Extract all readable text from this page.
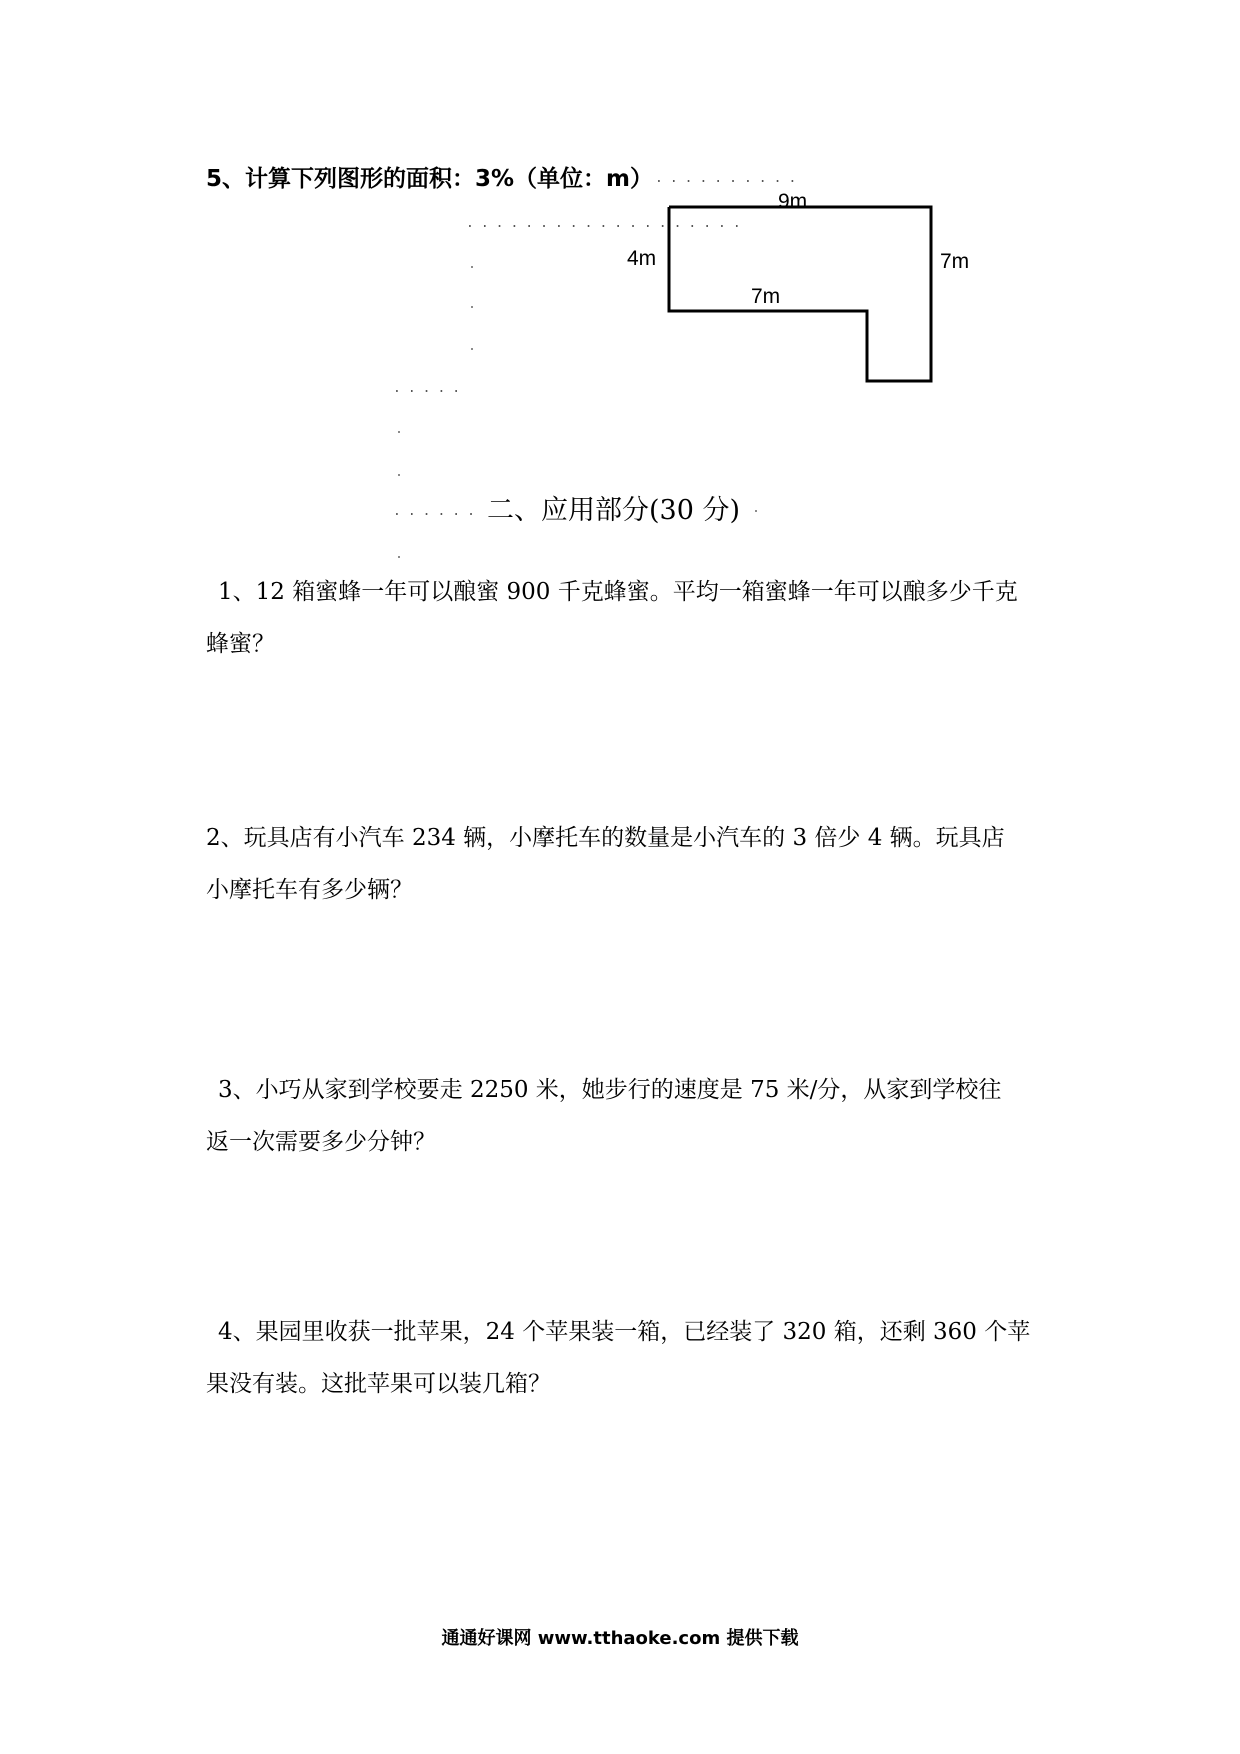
5、计算下列图形的面积：3%（单位：m） ..........
...................
.....
......
9m
4m	7m
7m
二、应用部分(30 分)
1、12 箱蜜蜂一年可以酿蜜 900 千克蜂蜜。平均一箱蜜蜂一年可以酿多少千克
蜂蜜？
2、玩具店有小汽车 234 辆，小摩托车的数量是小汽车的 3 倍少 4 辆。玩具店
小摩托车有多少辆？
3、小巧从家到学校要走 2250 米，她步行的速度是 75 米/分，从家到学校往
返一次需要多少分钟？
4、果园里收获一批苹果，24 个苹果装一箱，已经装了 320 箱，还剩 360 个苹
果没有装。这批苹果可以装几箱？
通通好课网 www.tthaoke.com 提供下载
